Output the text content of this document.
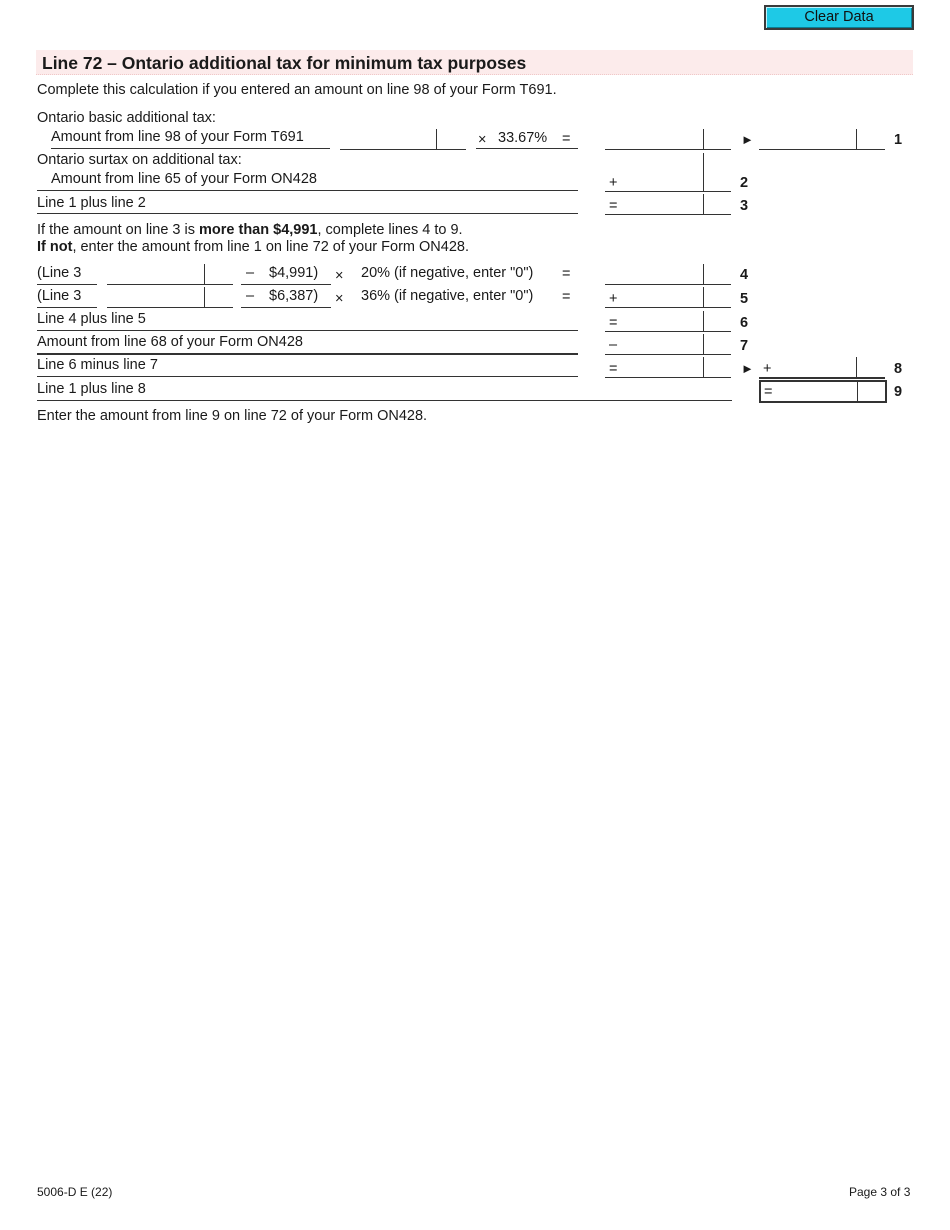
Clear Data
Line 72 – Ontario additional tax for minimum tax purposes
Complete this calculation if you entered an amount on line 98 of your Form T691.
Ontario basic additional tax:
Amount from line 98 of your Form T691	× 33.67% =	►	1
Ontario surtax on additional tax:
Amount from line 65 of your Form ON428	+	2
Line 1 plus line 2	=	3
If the amount on line 3 is more than $4,991, complete lines 4 to 9.
If not, enter the amount from line 1 on line 72 of your Form ON428.
(Line 3	– $4,991) × 20% (if negative, enter "0") =	4
(Line 3	– $6,387) × 36% (if negative, enter "0") =	+	5
Line 4 plus line 5	=	6
Amount from line 68 of your Form ON428	–	7
Line 6 minus line 7	=	► +	8
Line 1 plus line 8	=	9
Enter the amount from line 9 on line 72 of your Form ON428.
5006-D E (22)	Page 3 of 3
